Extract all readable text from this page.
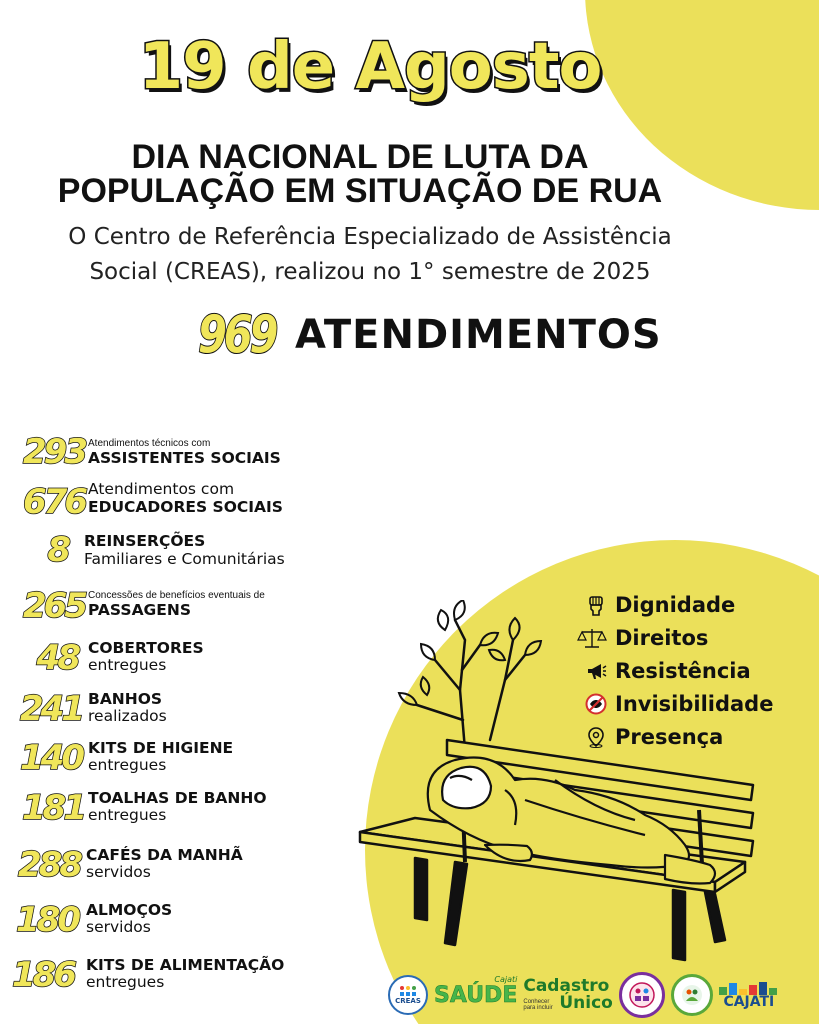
19 de Agosto
DIA NACIONAL DE LUTA DA
POPULAÇÃO EM SITUAÇÃO DE RUA
O Centro de Referência Especializado de Assistência
Social (CREAS), realizou no 1° semestre de 2025
969 ATENDIMENTOS
293 Atendimentos técnicos com
ASSISTENTES SOCIAIS
676 Atendimentos com
EDUCADORES SOCIAIS
8 REINSERÇÕES
Familiares e Comunitárias
265 Concessões de benefícios eventuais de
PASSAGENS
48 COBERTORES
entregues
241 BANHOS
realizados
140 KITS DE HIGIENE
entregues
181 TOALHAS DE BANHO
entregues
288 CAFÉS DA MANHÃ
servidos
180 ALMOÇOS
servidos
186 KITS DE ALIMENTAÇÃO
entregues
Dignidade
Direitos
Resistência
Invisibilidade
Presença
CREAS SAÚDE
Cajati Cadastro
Conhecer para incluir Único	CAJATI
